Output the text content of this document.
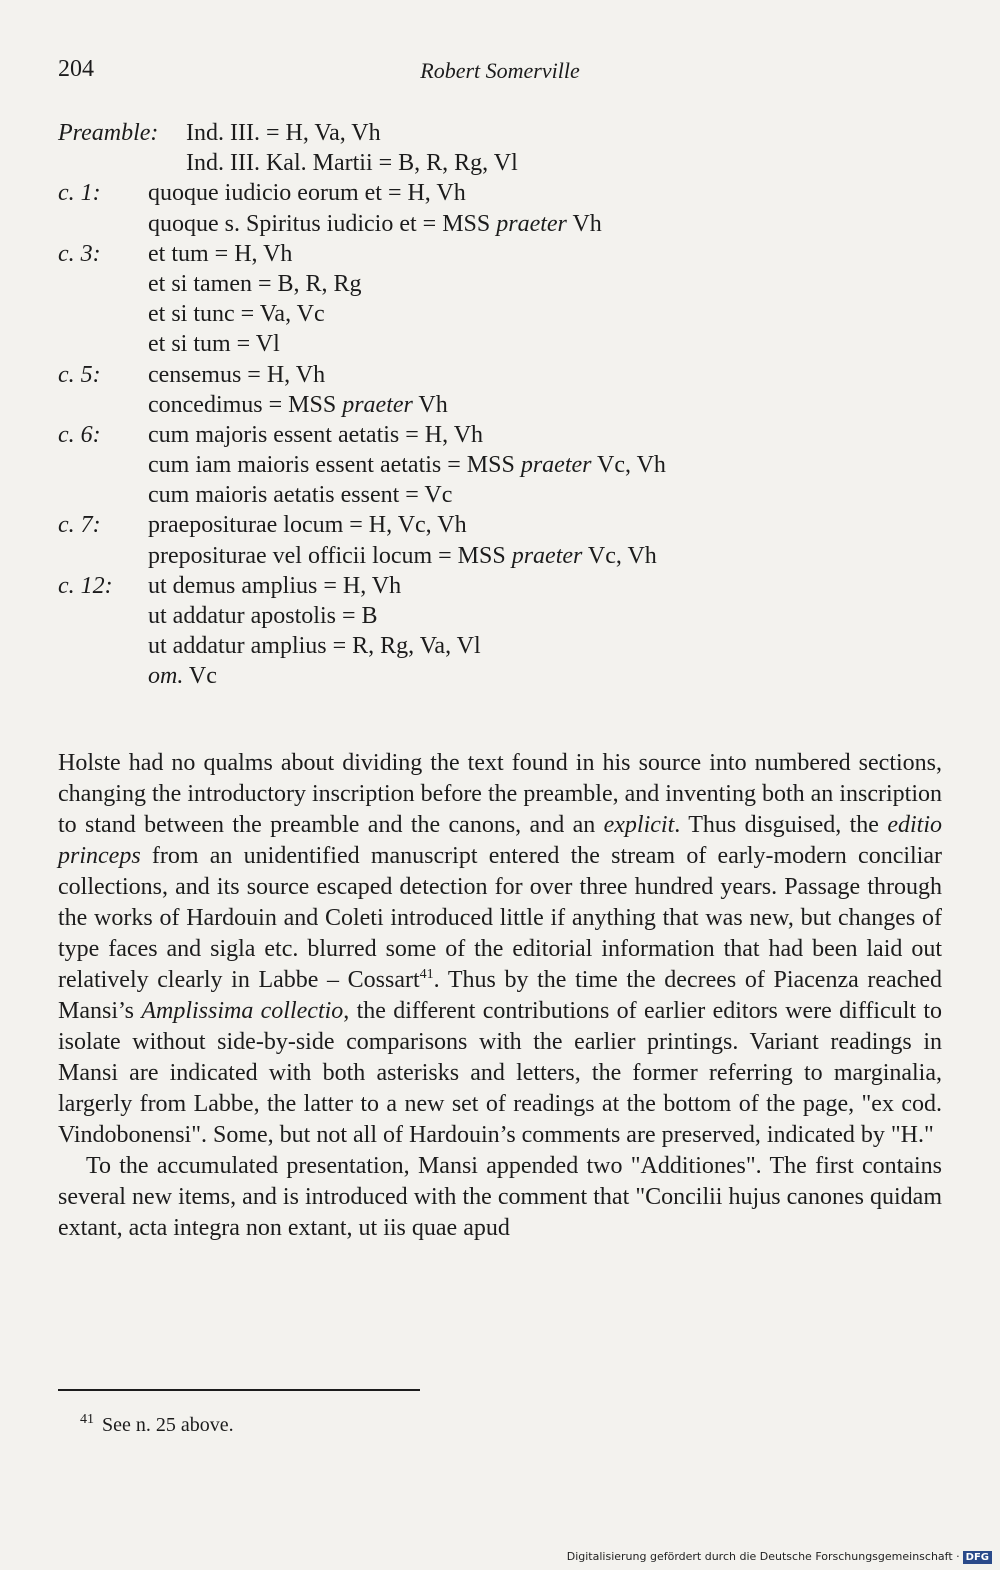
204	Robert Somerville
Preamble: Ind. III. = H, Va, Vh
Ind. III. Kal. Martii = B, R, Rg, Vl
c. 1: quoque iudicio eorum et = H, Vh
quoque s. Spiritus iudicio et = MSS praeter Vh
c. 3: et tum = H, Vh
et si tamen = B, R, Rg
et si tunc = Va, Vc
et si tum = Vl
c. 5: censemus = H, Vh
concedimus = MSS praeter Vh
c. 6: cum majoris essent aetatis = H, Vh
cum iam maioris essent aetatis = MSS praeter Vc, Vh
cum maioris aetatis essent = Vc
c. 7: praepositurae locum = H, Vc, Vh
prepositurae vel officii locum = MSS praeter Vc, Vh
c. 12: ut demus amplius = H, Vh
ut addatur apostolis = B
ut addatur amplius = R, Rg, Va, Vl
om. Vc

Holste had no qualms about dividing the text found in his source into numbered sections, changing the introductory inscription before the preamble, and inventing both an inscription to stand between the preamble and the canons, and an explicit. Thus disguised, the editio princeps from an unidentified manuscript entered the stream of early-modern conciliar collections, and its source escaped detection for over three hundred years. Passage through the works of Hardouin and Coleti introduced little if anything that was new, but changes of type faces and sigla etc. blurred some of the editorial information that had been laid out relatively clearly in Labbe – Cossart$^{41}$. Thus by the time the decrees of Piacenza reached Mansi’s Amplissima collectio, the different contributions of earlier editors were difficult to isolate without side-by-side comparisons with the earlier printings. Variant readings in Mansi are indicated with both asterisks and letters, the former referring to marginalia, largerly from Labbe, the latter to a new set of readings at the bottom of the page, "ex cod. Vindobonensi". Some, but not all of Hardouin’s comments are preserved, indicated by "H."

To the accumulated presentation, Mansi appended two "Additiones". The first contains several new items, and is introduced with the comment that "Concilii hujus canones quidam extant, acta integra non extant, ut iis quae apud

$^{41}$ See n. 25 above.
Digitalisierung gefördert durch die Deutsche Forschungsgemeinschaft · DFG
